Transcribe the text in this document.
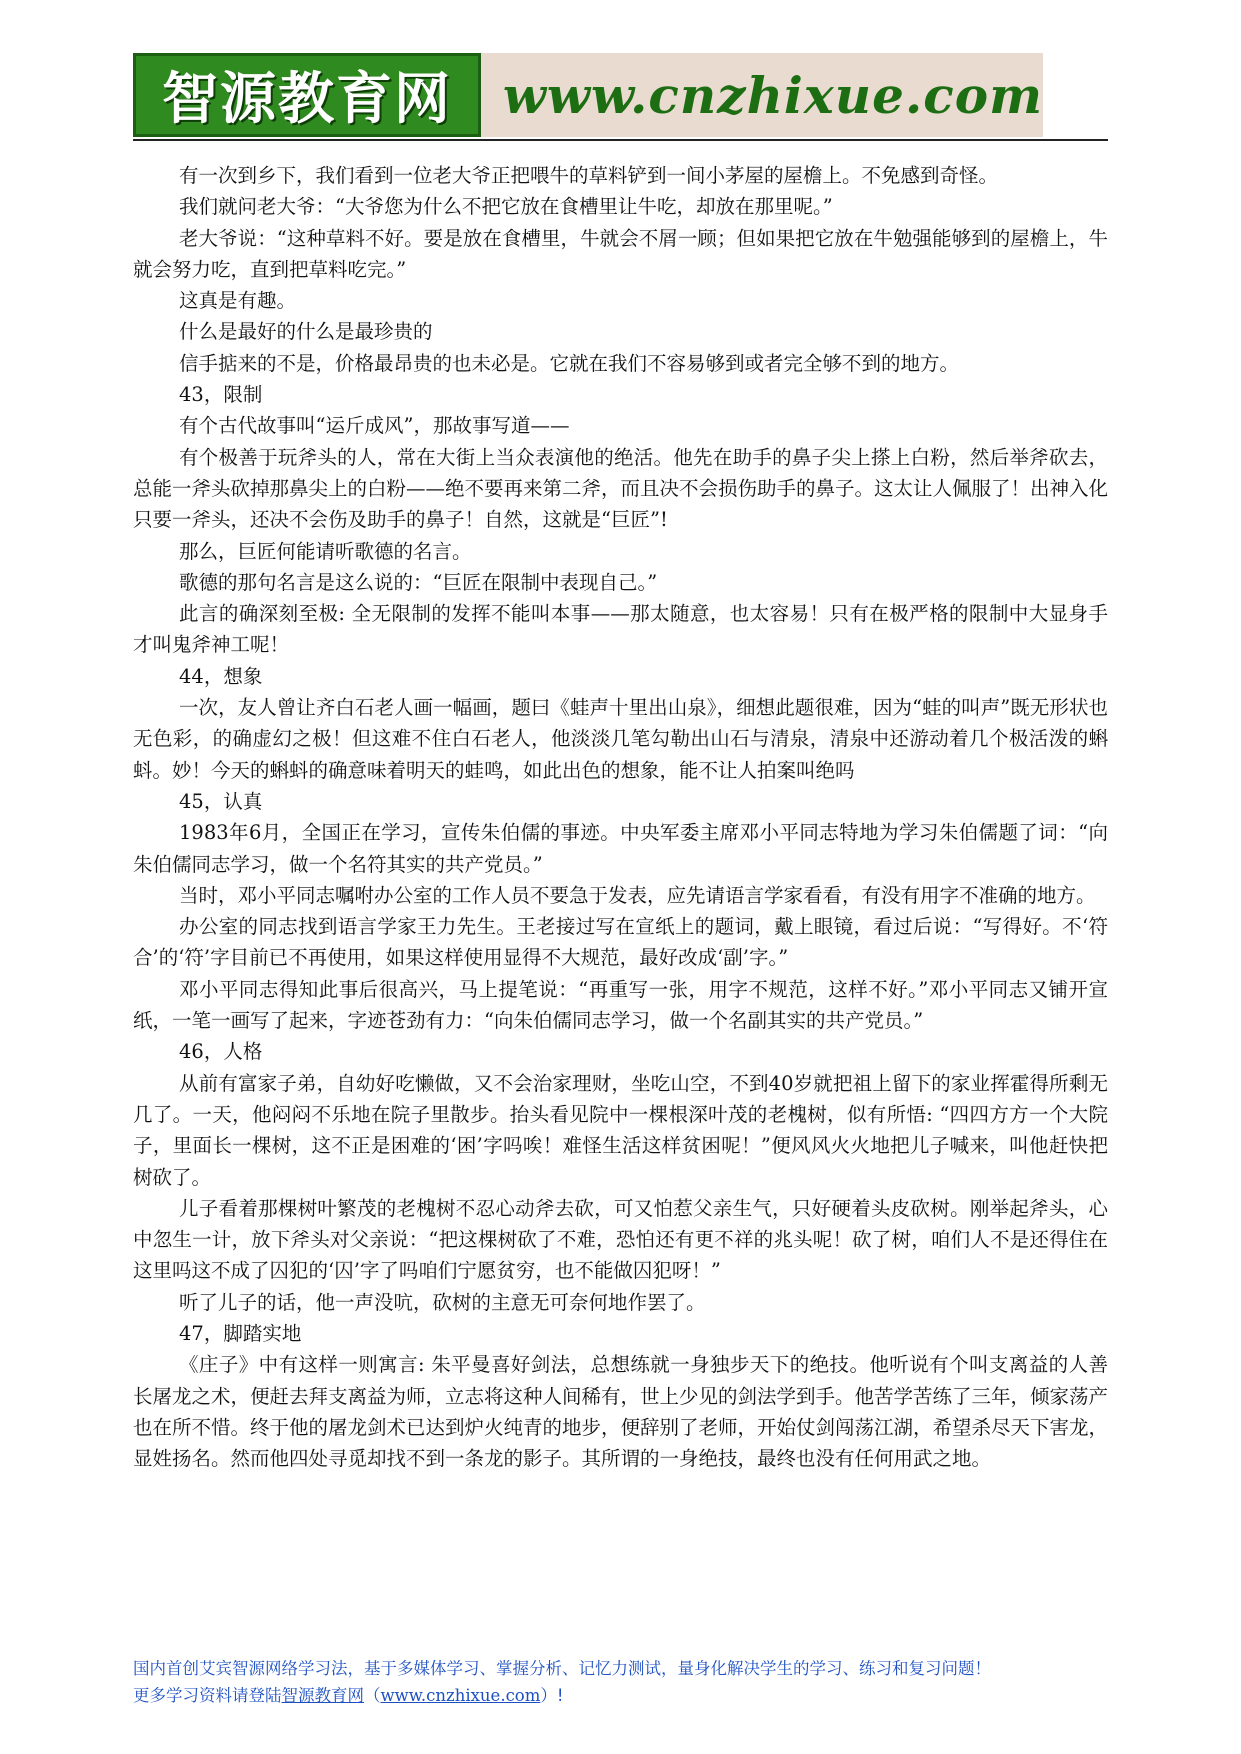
智源教育网 www.cnzhixue.com

有一次到乡下，我们看到一位老大爷正把喂牛的草料铲到一间小茅屋的屋檐上。不免感到奇怪。

我们就问老大爷：“大爷您为什么不把它放在食槽里让牛吃，却放在那里呢。”

老大爷说：“这种草料不好。要是放在食槽里，牛就会不屑一顾；但如果把它放在牛勉强能够到的屋檐上，牛就会努力吃，直到把草料吃完。”

这真是有趣。

什么是最好的什么是最珍贵的

信手掂来的不是，价格最昂贵的也未必是。它就在我们不容易够到或者完全够不到的地方。

43，限制

有个古代故事叫“运斤成风”，那故事写道——

有个极善于玩斧头的人，常在大街上当众表演他的绝活。他先在助手的鼻子尖上搽上白粉，然后举斧砍去，总能一斧头砍掉那鼻尖上的白粉——绝不要再来第二斧，而且决不会损伤助手的鼻子。这太让人佩服了！出神入化只要一斧头，还决不会伤及助手的鼻子！自然，这就是“巨匠”!

那么，巨匠何能请听歌德的名言。

歌德的那句名言是这么说的：“巨匠在限制中表现自己。”

此言的确深刻至极: 全无限制的发挥不能叫本事——那太随意，也太容易！只有在极严格的限制中大显身手才叫鬼斧神工呢！

44，想象

一次，友人曾让齐白石老人画一幅画，题曰《蛙声十里出山泉》，细想此题很难，因为“蛙的叫声”既无形状也无色彩，的确虚幻之极！但这难不住白石老人，他淡淡几笔勾勒出山石与清泉，清泉中还游动着几个极活泼的蝌蚪。妙！今天的蝌蚪的确意味着明天的蛙鸣，如此出色的想象，能不让人拍案叫绝吗

45，认真

1983年6月，全国正在学习，宣传朱伯儒的事迹。中央军委主席邓小平同志特地为学习朱伯儒题了词：“向朱伯儒同志学习，做一个名符其实的共产党员。”

当时，邓小平同志嘱咐办公室的工作人员不要急于发表，应先请语言学家看看，有没有用字不准确的地方。

办公室的同志找到语言学家王力先生。王老接过写在宣纸上的题词，戴上眼镜，看过后说：“写得好。不‘符合’的‘符’字目前已不再使用，如果这样使用显得不大规范，最好改成‘副’字。”

邓小平同志得知此事后很高兴，马上提笔说：“再重写一张，用字不规范，这样不好。”邓小平同志又铺开宣纸，一笔一画写了起来，字迹苍劲有力：“向朱伯儒同志学习，做一个名副其实的共产党员。”

46，人格

从前有富家子弟，自幼好吃懒做，又不会治家理财，坐吃山空，不到40岁就把祖上留下的家业挥霍得所剩无几了。一天，他闷闷不乐地在院子里散步。抬头看见院中一棵根深叶茂的老槐树，似有所悟: “四四方方一个大院子，里面长一棵树，这不正是困难的‘困’字吗唉！难怪生活这样贫困呢！”便风风火火地把儿子喊来，叫他赶快把树砍了。

儿子看着那棵树叶繁茂的老槐树不忍心动斧去砍，可又怕惹父亲生气，只好硬着头皮砍树。刚举起斧头，心中忽生一计，放下斧头对父亲说：“把这棵树砍了不难，恐怕还有更不祥的兆头呢！砍了树，咱们人不是还得住在这里吗这不成了囚犯的‘囚’字了吗咱们宁愿贫穷，也不能做囚犯呀！”

听了儿子的话，他一声没吭，砍树的主意无可奈何地作罢了。

47，脚踏实地

《庄子》中有这样一则寓言: 朱平曼喜好剑法，总想练就一身独步天下的绝技。他听说有个叫支离益的人善长屠龙之术，便赶去拜支离益为师，立志将这种人间稀有，世上少见的剑法学到手。他苦学苦练了三年，倾家荡产也在所不惜。终于他的屠龙剑术已达到炉火纯青的地步，便辞别了老师，开始仗剑闯荡江湖，希望杀尽天下害龙，显姓扬名。然而他四处寻觅却找不到一条龙的影子。其所谓的一身绝技，最终也没有任何用武之地。

国内首创艾宾智源网络学习法，基于多媒体学习、掌握分析、记忆力测试，量身化解决学生的学习、练习和复习问题！
更多学习资料请登陆智源教育网（www.cnzhixue.com）!
